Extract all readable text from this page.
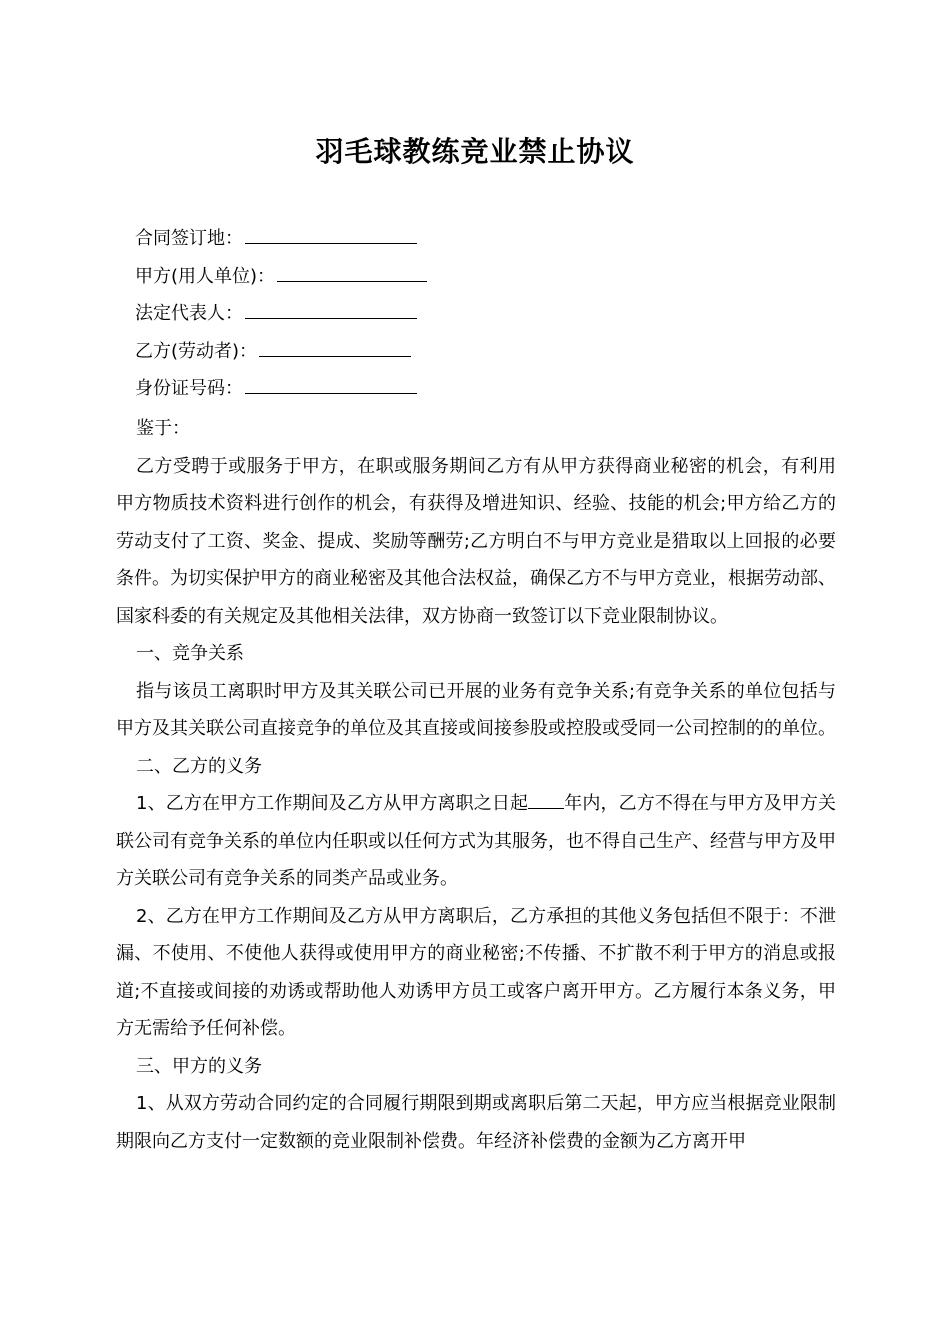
羽毛球教练竞业禁止协议
合同签订地：
甲方(用人单位)：
法定代表人：
乙方(劳动者)：
身份证号码：

鉴于：

乙方受聘于或服务于甲方，在职或服务期间乙方有从甲方获得商业秘密的机会，有利用甲方物质技术资料进行创作的机会，有获得及增进知识、经验、技能的机会;甲方给乙方的劳动支付了工资、奖金、提成、奖励等酬劳;乙方明白不与甲方竞业是猎取以上回报的必要条件。为切实保护甲方的商业秘密及其他合法权益，确保乙方不与甲方竞业，根据劳动部、国家科委的有关规定及其他相关法律，双方协商一致签订以下竞业限制协议。

一、竞争关系

指与该员工离职时甲方及其关联公司已开展的业务有竞争关系;有竞争关系的单位包括与甲方及其关联公司直接竞争的单位及其直接或间接参股或控股或受同一公司控制的的单位。

二、乙方的义务

1、乙方在甲方工作期间及乙方从甲方离职之日起 年内，乙方不得在与甲方及甲方关联公司有竞争关系的单位内任职或以任何方式为其服务，也不得自己生产、经营与甲方及甲方关联公司有竞争关系的同类产品或业务。

2、乙方在甲方工作期间及乙方从甲方离职后，乙方承担的其他义务包括但不限于：不泄漏、不使用、不使他人获得或使用甲方的商业秘密;不传播、不扩散不利于甲方的消息或报道;不直接或间接的劝诱或帮助他人劝诱甲方员工或客户离开甲方。乙方履行本条义务，甲方无需给予任何补偿。

三、甲方的义务

1、从双方劳动合同约定的合同履行期限到期或离职后第二天起，甲方应当根据竞业限制期限向乙方支付一定数额的竞业限制补偿费。年经济补偿费的金额为乙方离开甲
